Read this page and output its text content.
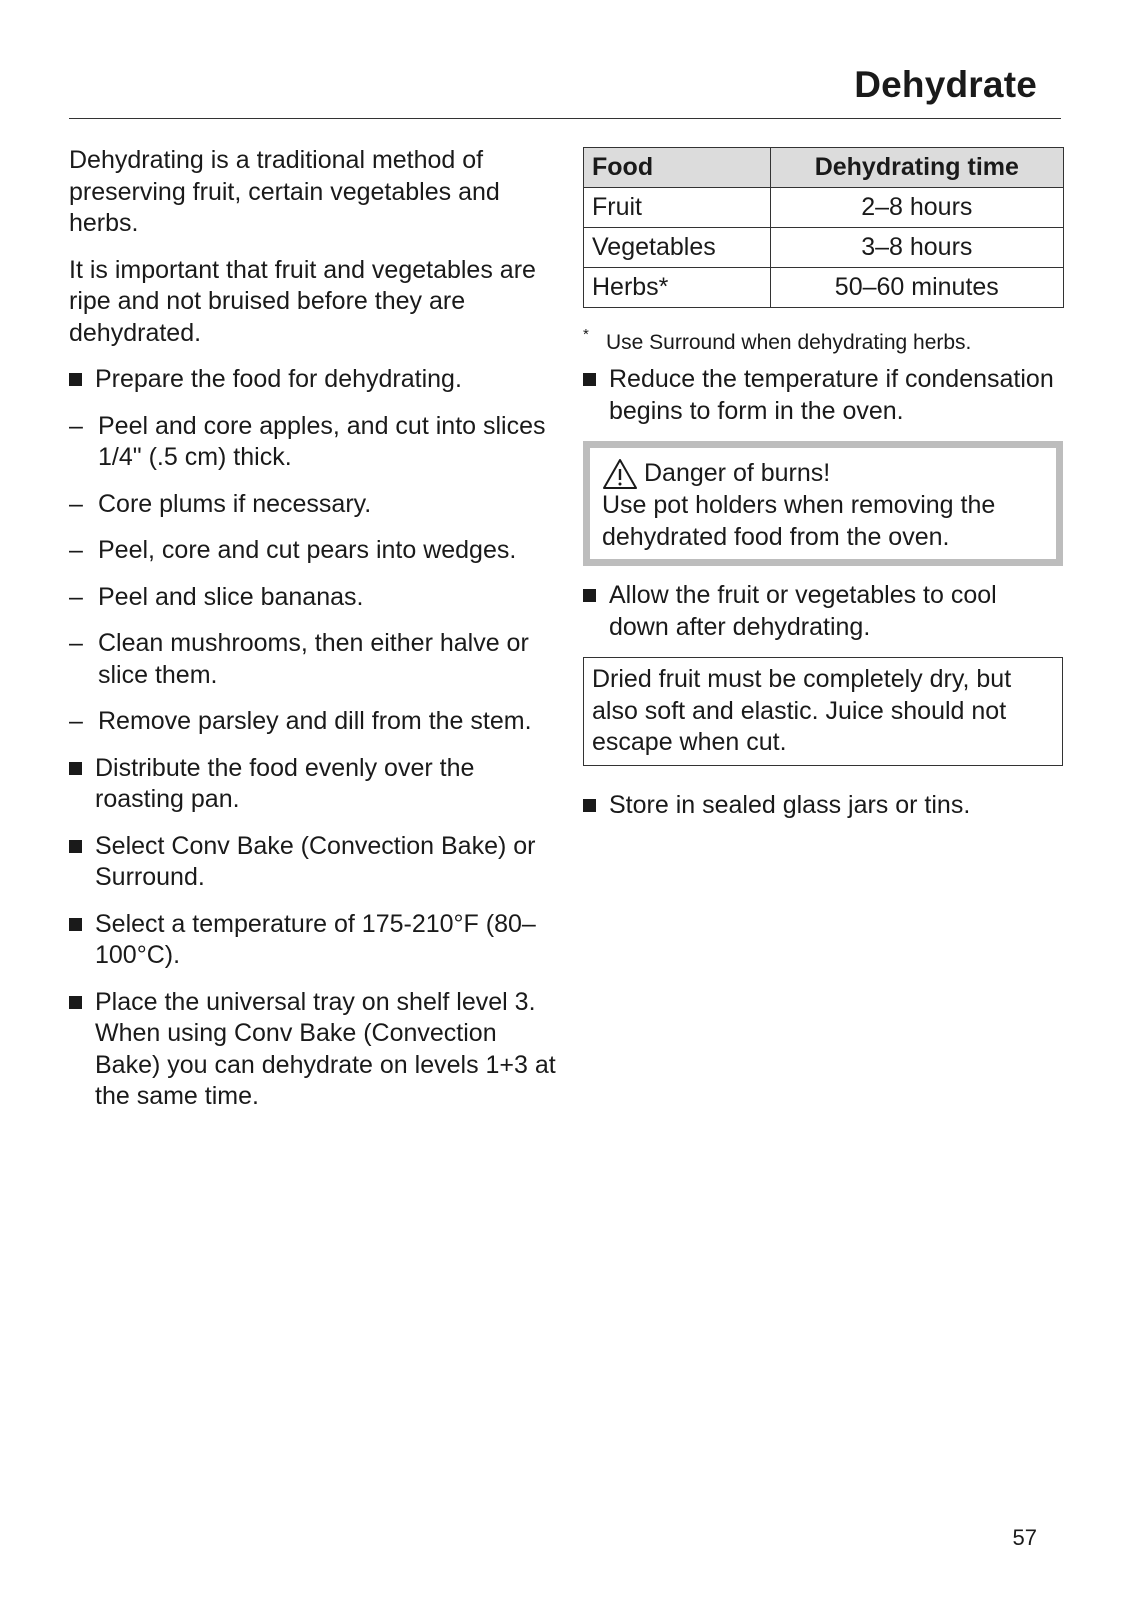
Dehydrate

Dehydrating is a traditional method of preserving fruit, certain vegetables and herbs.

It is important that fruit and vegetables are ripe and not bruised before they are dehydrated.

Prepare the food for dehydrating.
– Peel and core apples, and cut into slices 1/4" (.5 cm) thick.
– Core plums if necessary.
– Peel, core and cut pears into wedges.
– Peel and slice bananas.
– Clean mushrooms, then either halve or slice them.
– Remove parsley and dill from the stem.
Distribute the food evenly over the roasting pan.
Select Conv Bake (Convection Bake) or Surround.
Select a temperature of 175-210°F (80–100°C).
Place the universal tray on shelf level 3.
When using Conv Bake (Convection Bake) you can dehydrate on levels 1+3 at the same time.
Food	Dehydrating time
Fruit	2–8 hours
Vegetables	3–8 hours
Herbs*	50–60 minutes
* Use Surround when dehydrating herbs.
Reduce the temperature if condensation begins to form in the oven.
Danger of burns!
Use pot holders when removing the dehydrated food from the oven.
Allow the fruit or vegetables to cool down after dehydrating.
Dried fruit must be completely dry, but also soft and elastic. Juice should not escape when cut.
Store in sealed glass jars or tins.
57
